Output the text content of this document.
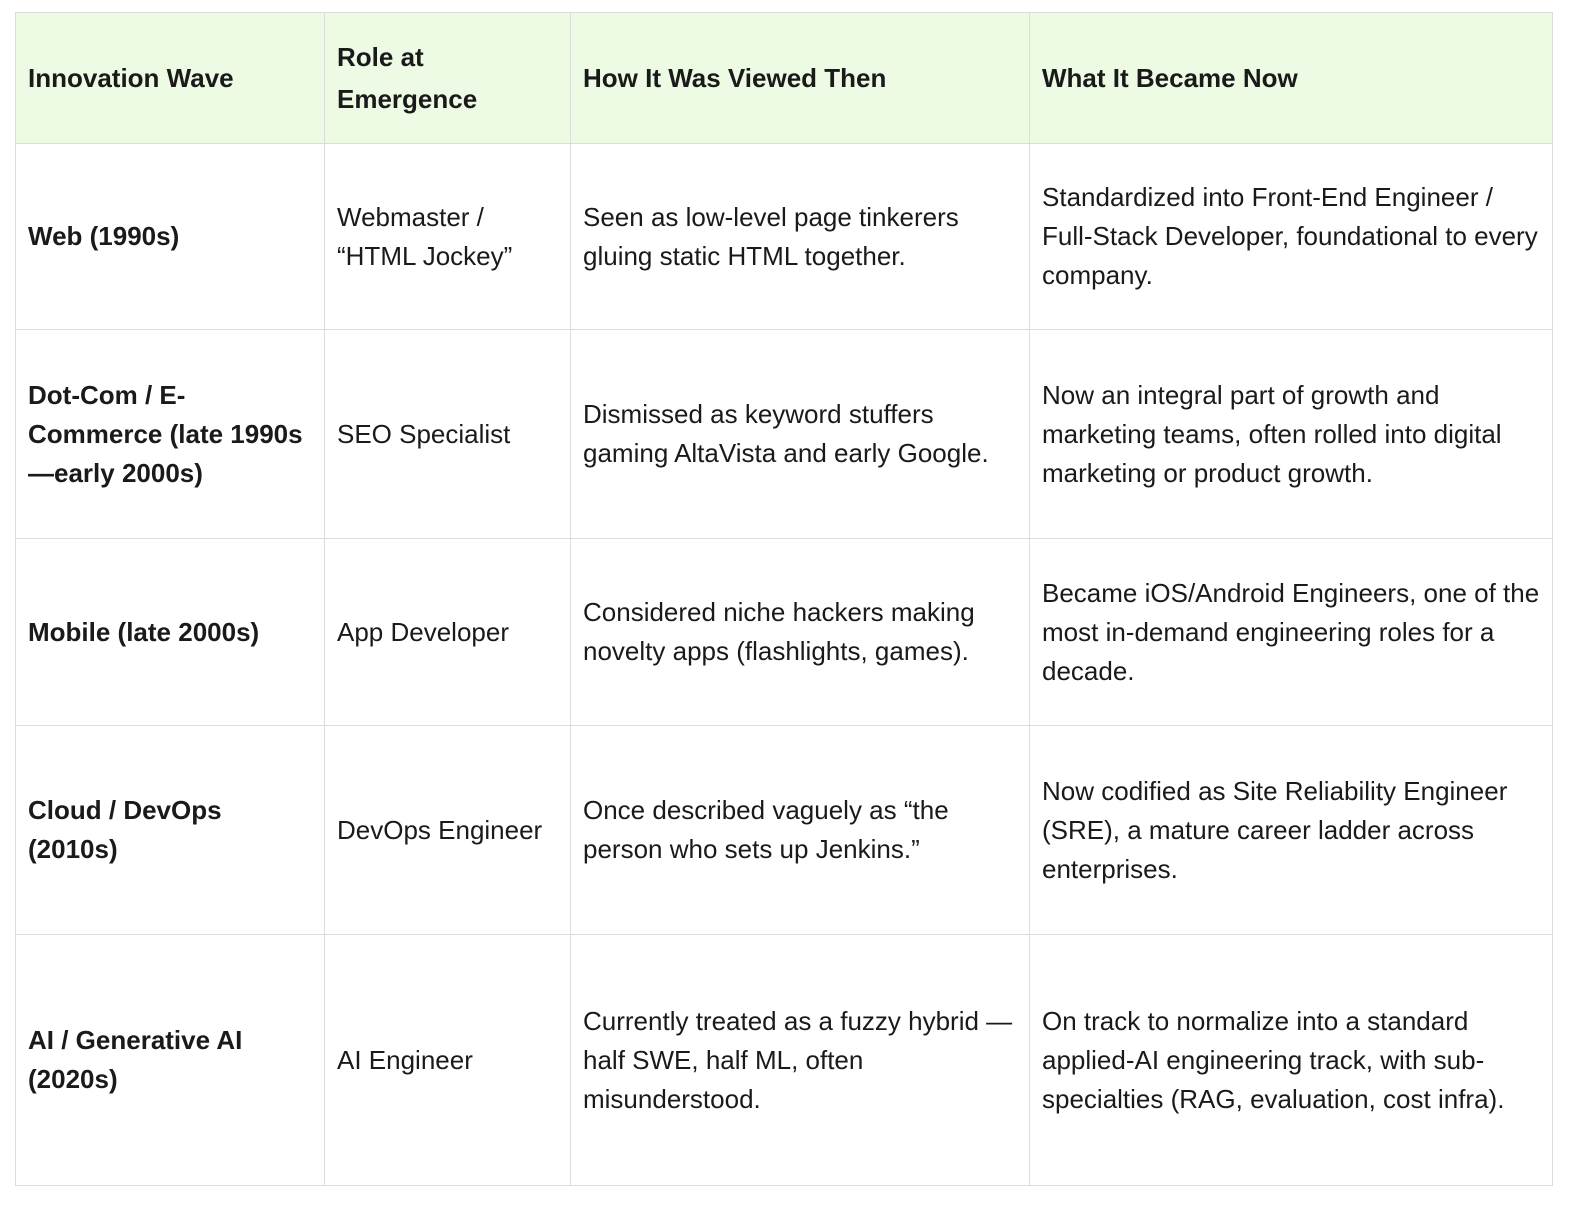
Innovation Wave	Role at Emergence	How It Was Viewed Then	What It Became Now
Web (1990s)	Webmaster / “HTML Jockey”	Seen as low-level page tinkerers gluing static HTML together.	Standardized into Front-End Engineer / Full-Stack Developer, foundational to every company.
Dot-Com / E-Commerce (late 1990s—early 2000s)	SEO Specialist	Dismissed as keyword stuffers gaming AltaVista and early Google.	Now an integral part of growth and marketing teams, often rolled into digital marketing or product growth.
Mobile (late 2000s)	App Developer	Considered niche hackers making novelty apps (flashlights, games).	Became iOS/Android Engineers, one of the most in-demand engineering roles for a decade.
Cloud / DevOps (2010s)	DevOps Engineer	Once described vaguely as “the person who sets up Jenkins.”	Now codified as Site Reliability Engineer (SRE), a mature career ladder across enterprises.
AI / Generative AI (2020s)	AI Engineer	Currently treated as a fuzzy hybrid — half SWE, half ML, often misunderstood.	On track to normalize into a standard applied-AI engineering track, with sub-specialties (RAG, evaluation, cost infra).
